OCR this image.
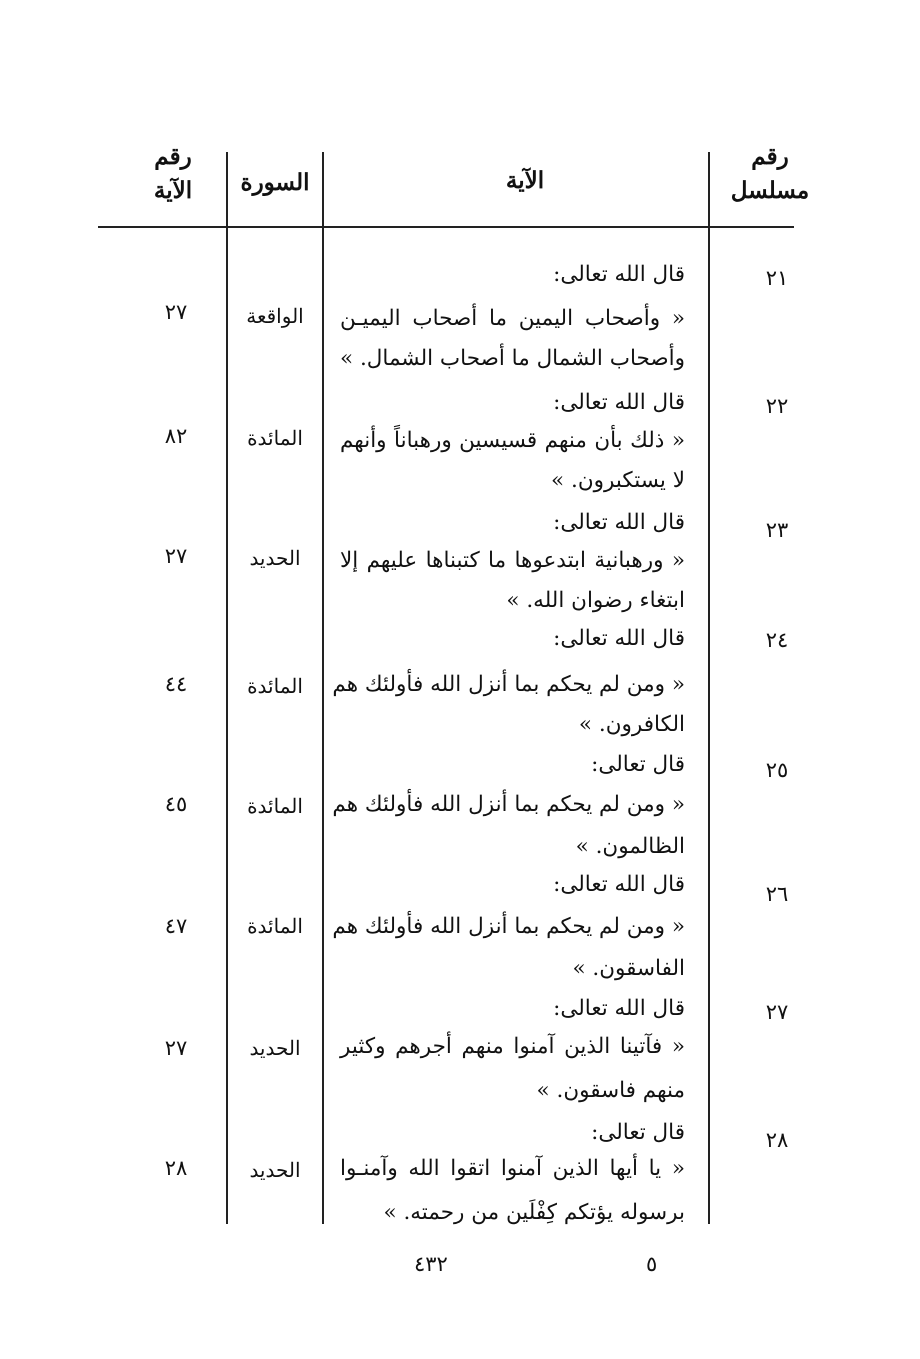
رقم
مسلسل
الآية
السورة
رقم
الآية
٢١
قال الله تعالى:
« وأصحاب اليمين ما أصحاب اليميـن
وأصحاب الشمال ما أصحاب الشمال. »
الواقعة
٢٧
٢٢
قال الله تعالى:
« ذلك بأن منهم قسيسين ورهباناً وأنهم
لا يستكبرون. »
المائدة
٨٢
٢٣
قال الله تعالى:
« ورهبانية ابتدعوها ما كتبناها عليهم إلا
ابتغاء رضوان الله. »
الحديد
٢٧
٢٤
قال الله تعالى:
« ومن لم يحكم بما أنزل الله فأولئك هم
الكافرون. »
المائدة
٤٤
٢٥
قال تعالى:
« ومن لم يحكم بما أنزل الله فأولئك هم
الظالمون. »
المائدة
٤٥
٢٦
قال الله تعالى:
« ومن لم يحكم بما أنزل الله فأولئك هم
الفاسقون. »
المائدة
٤٧
٢٧
قال الله تعالى:
« فآتينا الذين آمنوا منهم أجرهم وكثير
منهم فاسقون. »
الحديد
٢٧
٢٨
قال تعالى:
« يا أيها الذين آمنوا اتقوا الله وآمنـوا
برسوله يؤتكم كِفْلَين من رحمته. »
الحديد
٢٨
٥
٤٣٢
